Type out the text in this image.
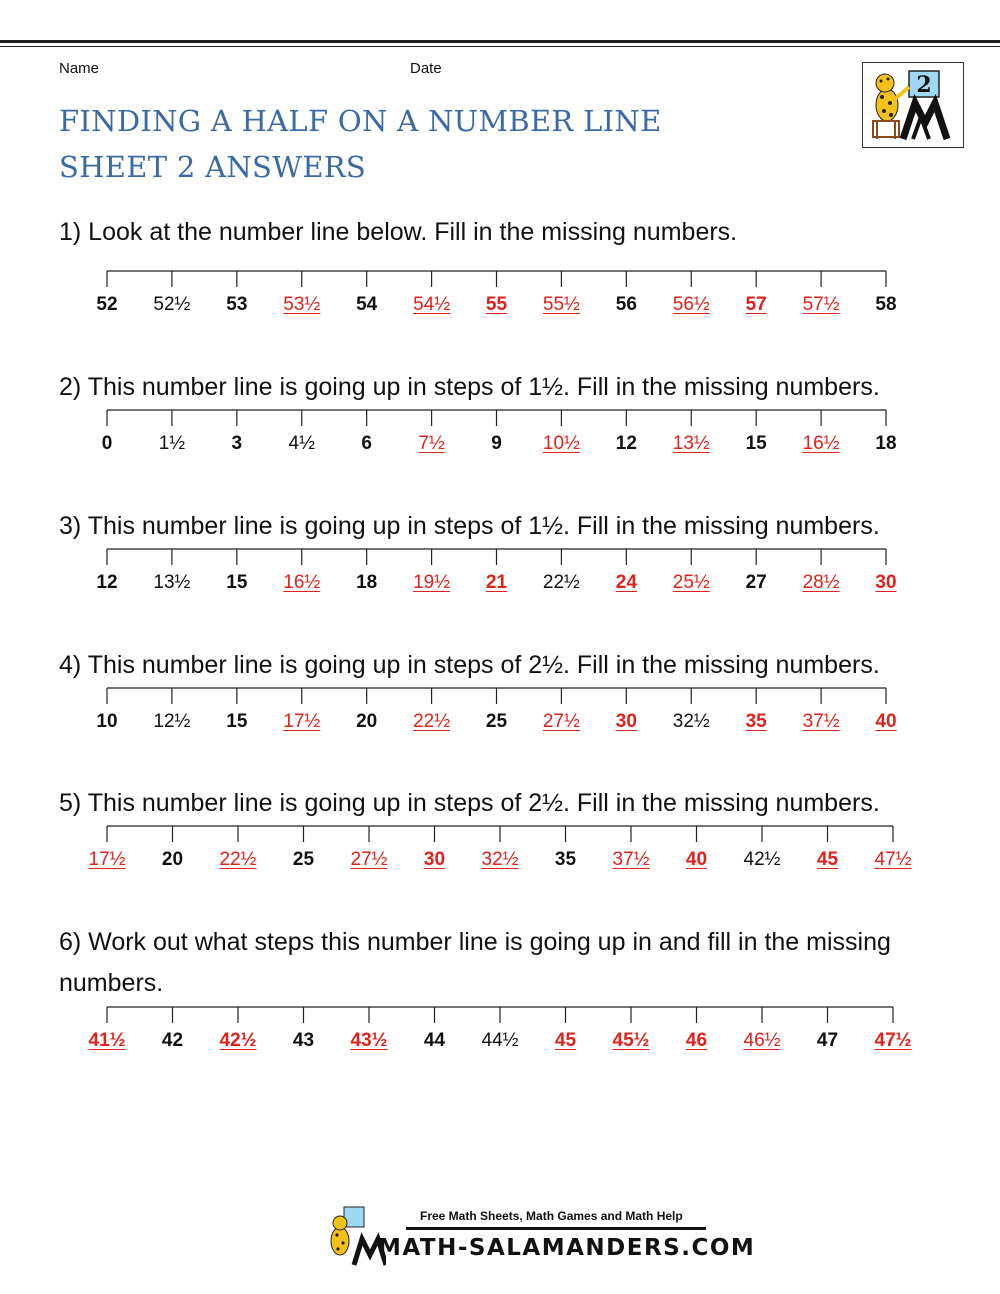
Name	Date
FINDING A HALF ON A NUMBER LINE
SHEET 2 ANSWERS
2
1) Look at the number line below. Fill in the missing numbers.
52 52½ 53 53½ 54 54½ 55 55½ 56 56½ 57 57½ 58
2) This number line is going up in steps of 1½. Fill in the missing numbers.
0 1½ 3 4½ 6 7½ 9 10½ 12 13½ 15 16½ 18
3) This number line is going up in steps of 1½. Fill in the missing numbers.
12 13½ 15 16½ 18 19½ 21 22½ 24 25½ 27 28½ 30
4) This number line is going up in steps of 2½. Fill in the missing numbers.
10 12½ 15 17½ 20 22½ 25 27½ 30 32½ 35 37½ 40
5) This number line is going up in steps of 2½. Fill in the missing numbers.
17½ 20 22½ 25 27½ 30 32½ 35 37½ 40 42½ 45 47½
6) Work out what steps this number line is going up in and fill in the missing numbers.
41½ 42 42½ 43 43½ 44 44½ 45 45½ 46 46½ 47 47½
Free Math Sheets, Math Games and Math Help
MATH-SALAMANDERS.COM
